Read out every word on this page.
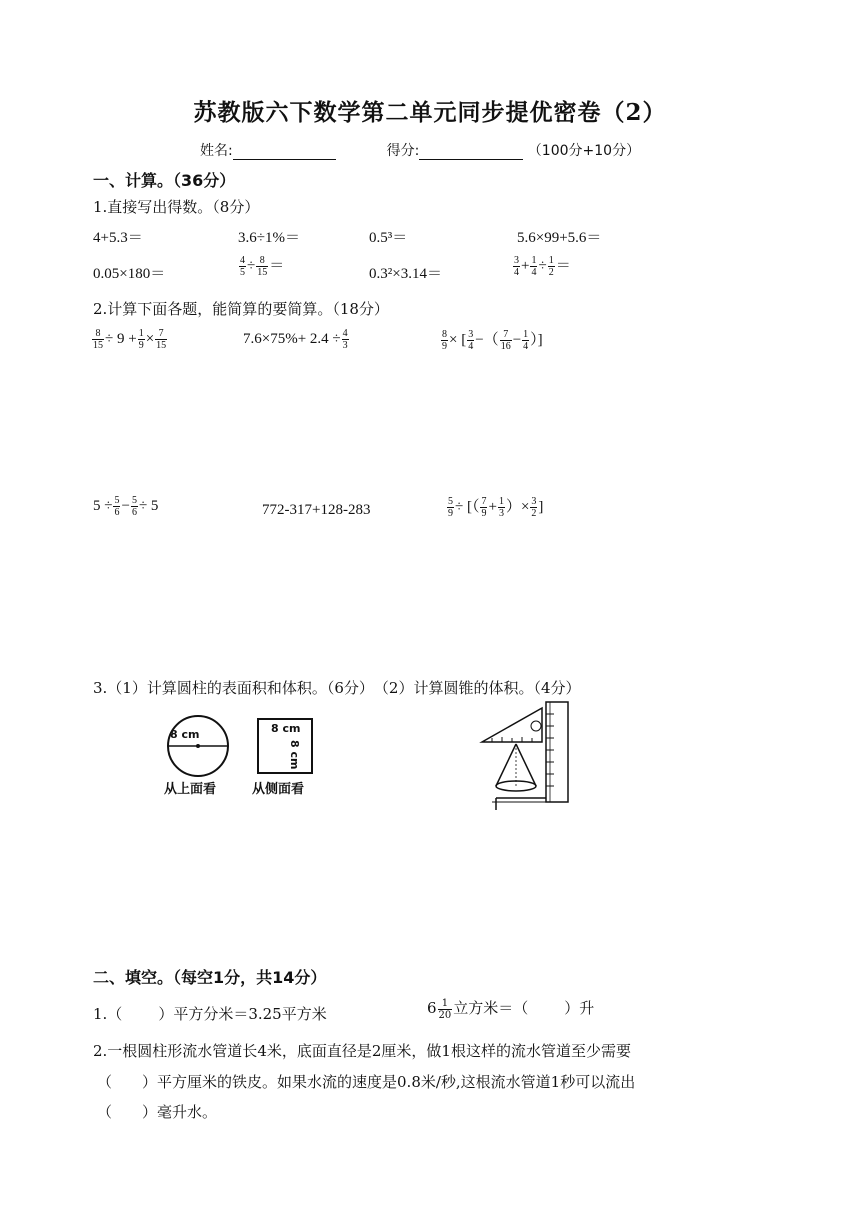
苏教版六下数学第二单元同步提优密卷（2）
姓名:	得分:	（100分+10分）
一、计算。（36分）
1.直接写出得数。（8分）
4+5.3＝	3.6÷1%＝	0.5³＝	5.6×99+5.6＝
0.05×180＝	$\frac{4}{5} \div \frac{8}{15}$ ＝	0.3²×3.14＝	$\frac{3}{4} + \frac{1}{4} \div \frac{1}{2}$ ＝
2.计算下面各题，能简算的要简算。（18分）
$\frac{8}{15} \div 9 + \frac{1}{9} \times \frac{7}{15}$	$7.6\times 75\%+ 2.4 \div \frac{4}{3}$	$\frac{8}{9}$ × [ $\frac{3}{4}$ −（ $\frac{7}{16} - \frac{1}{4}$ ）]
$5 \div \frac{5}{6} - \frac{5}{6} \div 5$	772-317+128-283	$\frac{5}{9}$ ÷ [（ $\frac{7}{9} + \frac{1}{3}$ ）× $\frac{3}{2}$ ]
3.（1）计算圆柱的表面积和体积。（6分）　（2）计算圆锥的体积。（4分）
8 cm
从上面看
8 cm
8 cm
从侧面看
二、填空。（每空1分，共14分）
1.（ ）平方分米＝3.25平方米	$6 \frac{1}{20}$ 立方米＝（ ）升
2.一根圆柱形流水管道长4米，底面直径是2厘米，做1根这样的流水管道至少需要
（　　）平方厘米的铁皮。如果水流的速度是0.8米/秒,这根流水管道1秒可以流出
（　　）毫升水。
